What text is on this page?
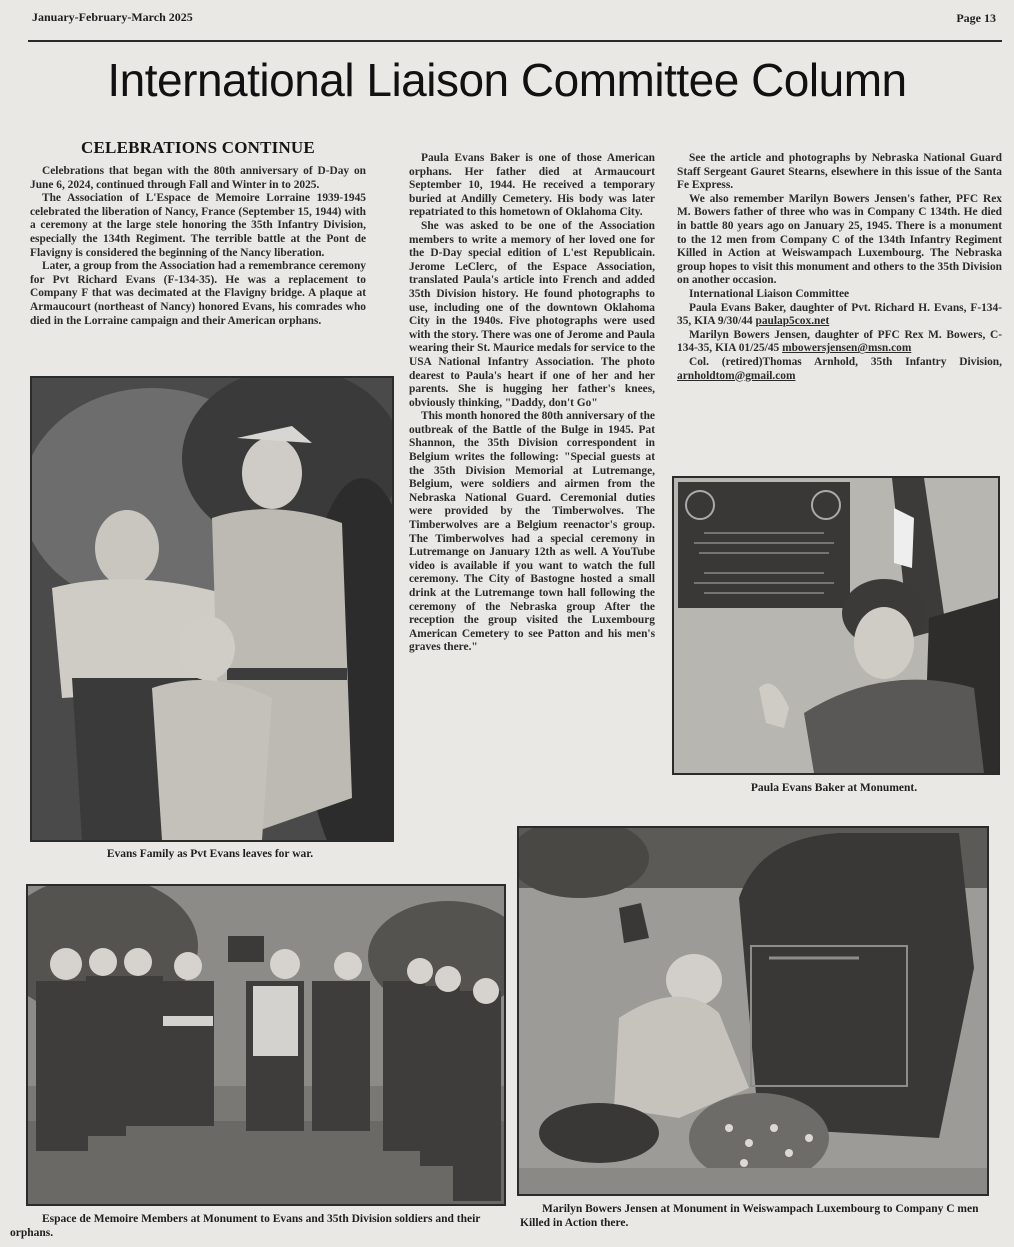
January-February-March 2025	Page 13
International Liaison Committee Column
CELEBRATIONS CONTINUE

Celebrations that began with the 80th anniversary of D-Day on June 6, 2024, continued through Fall and Winter in to 2025.

The Association of L'Espace de Memoire Lorraine 1939-1945 celebrated the liberation of Nancy, France (September 15, 1944) with a ceremony at the large stele honoring the 35th Infantry Division, especially the 134th Regiment. The terrible battle at the Pont de Flavigny is considered the beginning of the Nancy liberation.

Later, a group from the Association had a remembrance ceremony for Pvt Richard Evans (F-134-35). He was a replacement to Company F that was decimated at the Flavigny bridge. A plaque at Armaucourt (northeast of Nancy) honored Evans, his comrades who died in the Lorraine campaign and their American orphans.

Paula Evans Baker is one of those American orphans. Her father died at Armaucourt September 10, 1944. He received a temporary buried at Andilly Cemetery. His body was later repatriated to this hometown of Oklahoma City.

She was asked to be one of the Association members to write a memory of her loved one for the D-Day special edition of L'est Republicain. Jerome LeClerc, of the Espace Association, translated Paula's article into French and added 35th Division history. He found photographs to use, including one of the downtown Oklahoma City in the 1940s. Five photographs were used with the story. There was one of Jerome and Paula wearing their St. Maurice medals for service to the USA National Infantry Association. The photo dearest to Paula's heart if one of her and her parents. She is hugging her father's knees, obviously thinking, "Daddy, don't Go"

This month honored the 80th anniversary of the outbreak of the Battle of the Bulge in 1945. Pat Shannon, the 35th Division correspondent in Belgium writes the following: "Special guests at the 35th Division Memorial at Lutremange, Belgium, were soldiers and airmen from the Nebraska National Guard. Ceremonial duties were provided by the Timberwolves. The Timberwolves are a Belgium reenactor's group. The Timberwolves had a special ceremony in Lutremange on January 12th as well. A YouTube video is available if you want to watch the full ceremony. The City of Bastogne hosted a small drink at the Lutremange town hall following the ceremony of the Nebraska group After the reception the group visited the Luxembourg American Cemetery to see Patton and his men's graves there."

See the article and photographs by Nebraska National Guard Staff Sergeant Gauret Stearns, elsewhere in this issue of the Santa Fe Express.

We also remember Marilyn Bowers Jensen's father, PFC Rex M. Bowers father of three who was in Company C 134th. He died in battle 80 years ago on January 25, 1945. There is a monument to the 12 men from Company C of the 134th Infantry Regiment Killed in Action at Weiswampach Luxembourg. The Nebraska group hopes to visit this monument and others to the 35th Division on another occasion.

International Liaison Committee

Paula Evans Baker, daughter of Pvt. Richard H. Evans, F-134-35, KIA 9/30/44 paulap5cox.net

Marilyn Bowers Jensen, daughter of PFC Rex M. Bowers, C-134-35, KIA 01/25/45 mbowersjensen@msn.com

Col. (retired)Thomas Arnhold, 35th Infantry Division, arnholdtom@gmail.com

Evans Family as Pvt Evans leaves for war.
Paula Evans Baker at Monument.
Espace de Memoire Members at Monument to Evans and 35th Division soldiers and their orphans.
Marilyn Bowers Jensen at Monument in Weiswampach Luxembourg to Company C men Killed in Action there.
